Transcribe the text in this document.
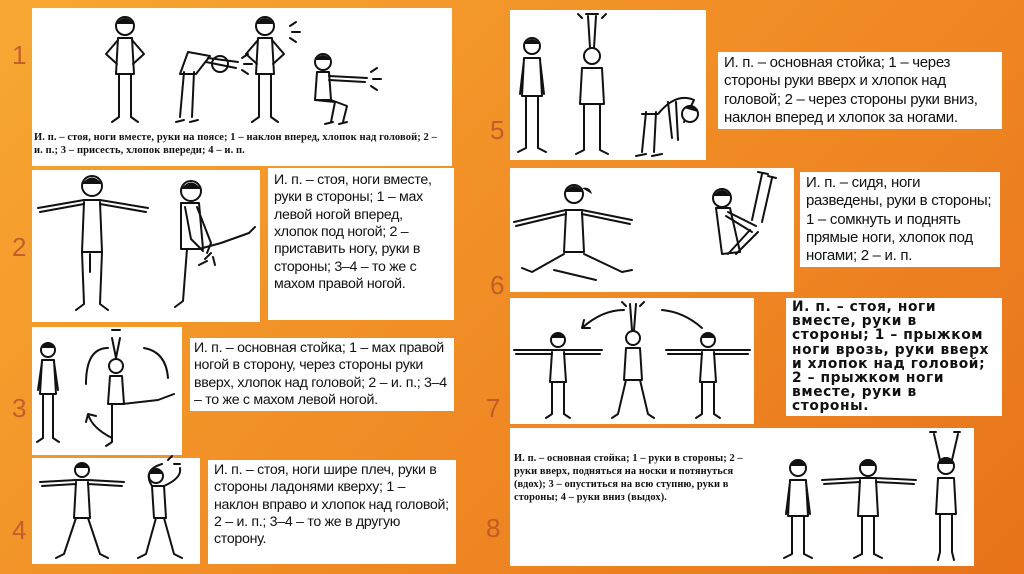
1
2
3
4
5
6
7
8
И. п. – стоя, ноги вместе, руки на поясе; 1 – наклон вперед, хлопок над головой; 2 – и. п.; 3 – присесть, хлопок впереди; 4 – и. п.
И. п. – стоя, ноги вместе, руки в стороны; 1 – мах левой ногой вперед, хлопок под ногой; 2 – приставить ногу, руки в стороны; 3–4 – то же с махом правой ногой.
И. п. – основная стойка; 1 – мах правой ногой в сторону, через стороны руки вверх, хлопок над головой; 2 – и. п.; 3–4 – то же с махом левой ногой.
И. п. – стоя, ноги шире плеч, руки в стороны ладонями кверху; 1 – наклон вправо и хлопок над головой; 2 – и. п.; 3–4 – то же в другую сторону.
И. п. – основная стойка; 1 – через стороны руки вверх и хлопок над головой; 2 – через стороны руки вниз, наклон вперед и хлопок за ногами.
И. п. – сидя, ноги разведены, руки в стороны; 1 – сомкнуть и поднять прямые ноги, хлопок под ногами; 2 – и. п.
И. п. – стоя, ноги вместе, руки в стороны; 1 – прыжком ноги врозь, руки вверх и хлопок над головой; 2 – прыжком ноги вместе, руки в стороны.
И. п. – основная стойка; 1 – руки в стороны; 2 – руки вверх, подняться на носки и потянуться (вдох); 3 – опуститься на всю ступню, руки в стороны; 4 – руки вниз (выдох).
